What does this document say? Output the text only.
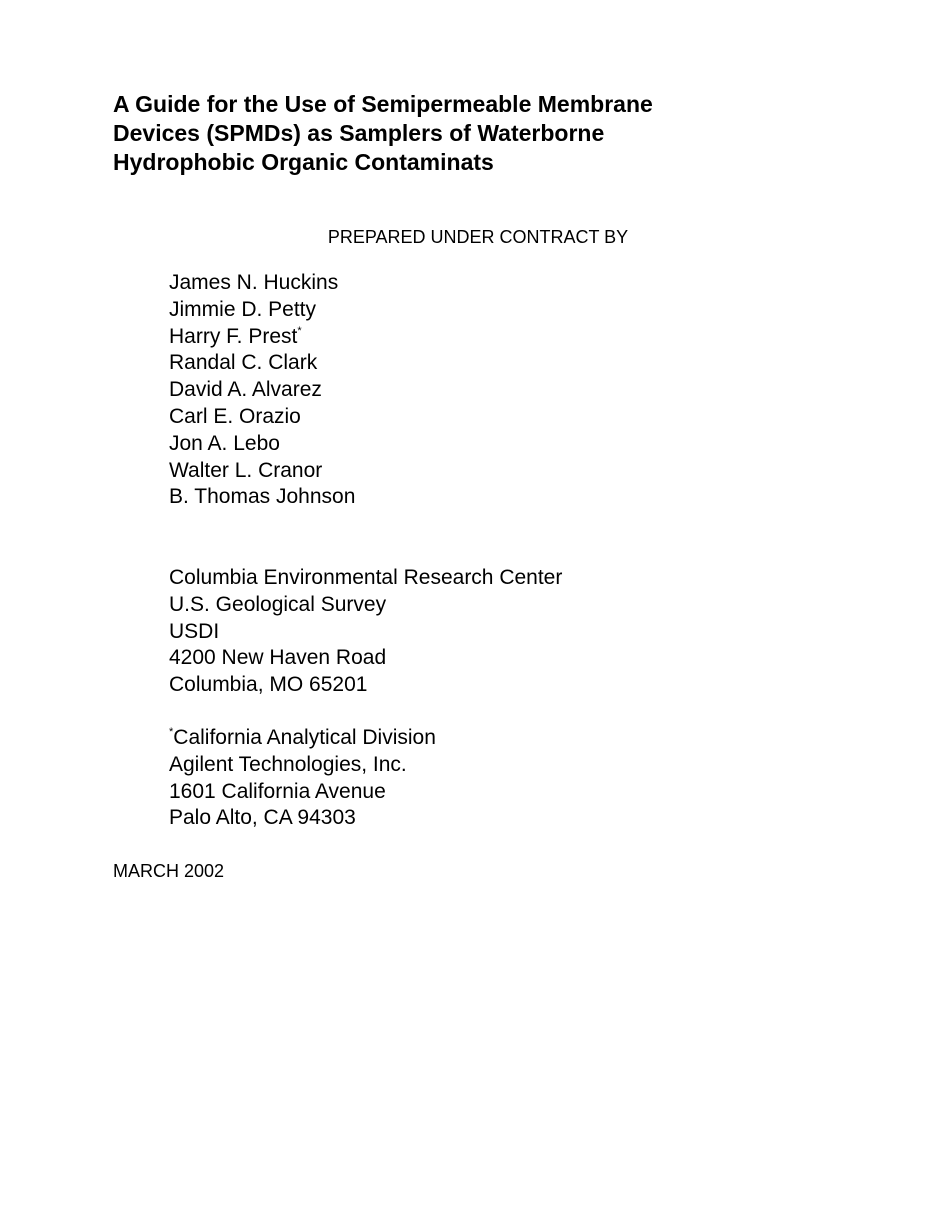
A Guide for the Use of Semipermeable Membrane
Devices (SPMDs) as Samplers of Waterborne
Hydrophobic Organic Contaminats
PREPARED UNDER CONTRACT BY
James N. Huckins
Jimmie D. Petty
Harry F. Prest*
Randal C. Clark
David A. Alvarez
Carl E. Orazio
Jon A. Lebo
Walter L. Cranor
B. Thomas Johnson
Columbia Environmental Research Center
U.S. Geological Survey
USDI
4200 New Haven Road
Columbia, MO 65201
*California Analytical Division
Agilent Technologies, Inc.
1601 California Avenue
Palo Alto, CA 94303
MARCH 2002
